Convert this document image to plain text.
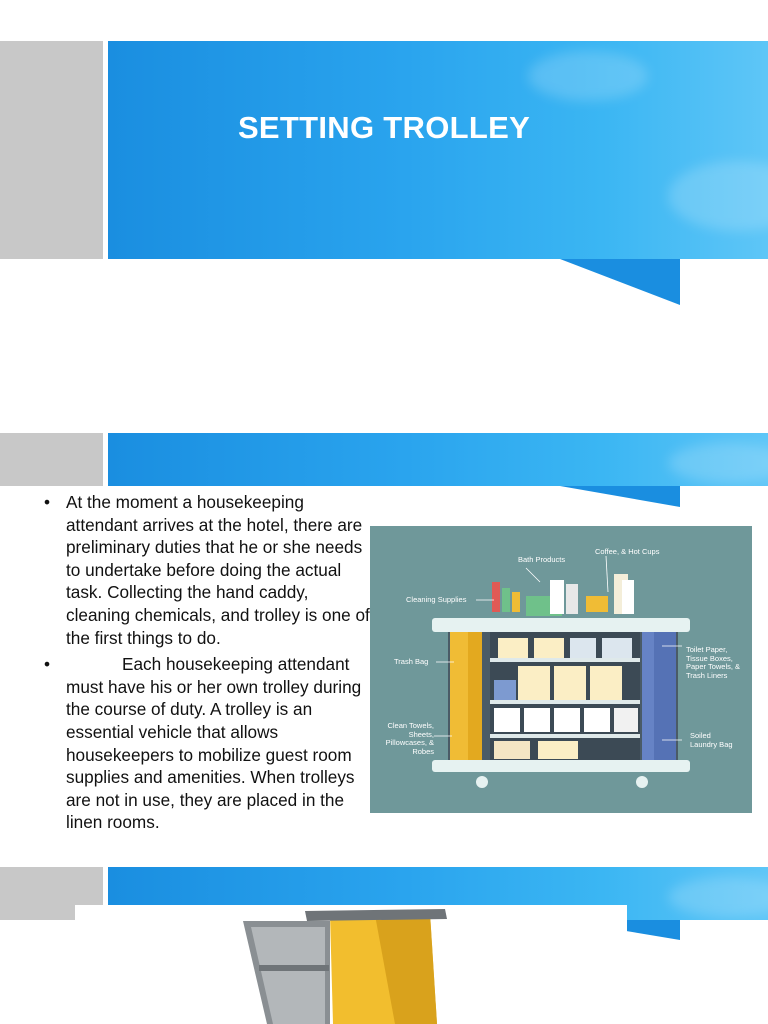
SETTING TROLLEY
• At the moment a housekeeping attendant arrives at the hotel, there are preliminary duties that he or she needs to undertake before doing the actual task. Collecting the hand caddy, cleaning chemicals, and trolley is one of the first things to do.
•	Each housekeeping attendant must have his or her own trolley during the course of duty. A trolley is an essential vehicle that allows housekeepers to mobilize guest room supplies and amenities. When trolleys are not in use, they are placed in the linen rooms.
Bath Products
Coffee, & Hot Cups
Cleaning Supplies
Trash Bag
Toilet Paper, Tissue Boxes, Paper Towels, & Trash Liners
Clean Towels, Sheets, Pillowcases, & Robes
Soiled Laundry Bag
